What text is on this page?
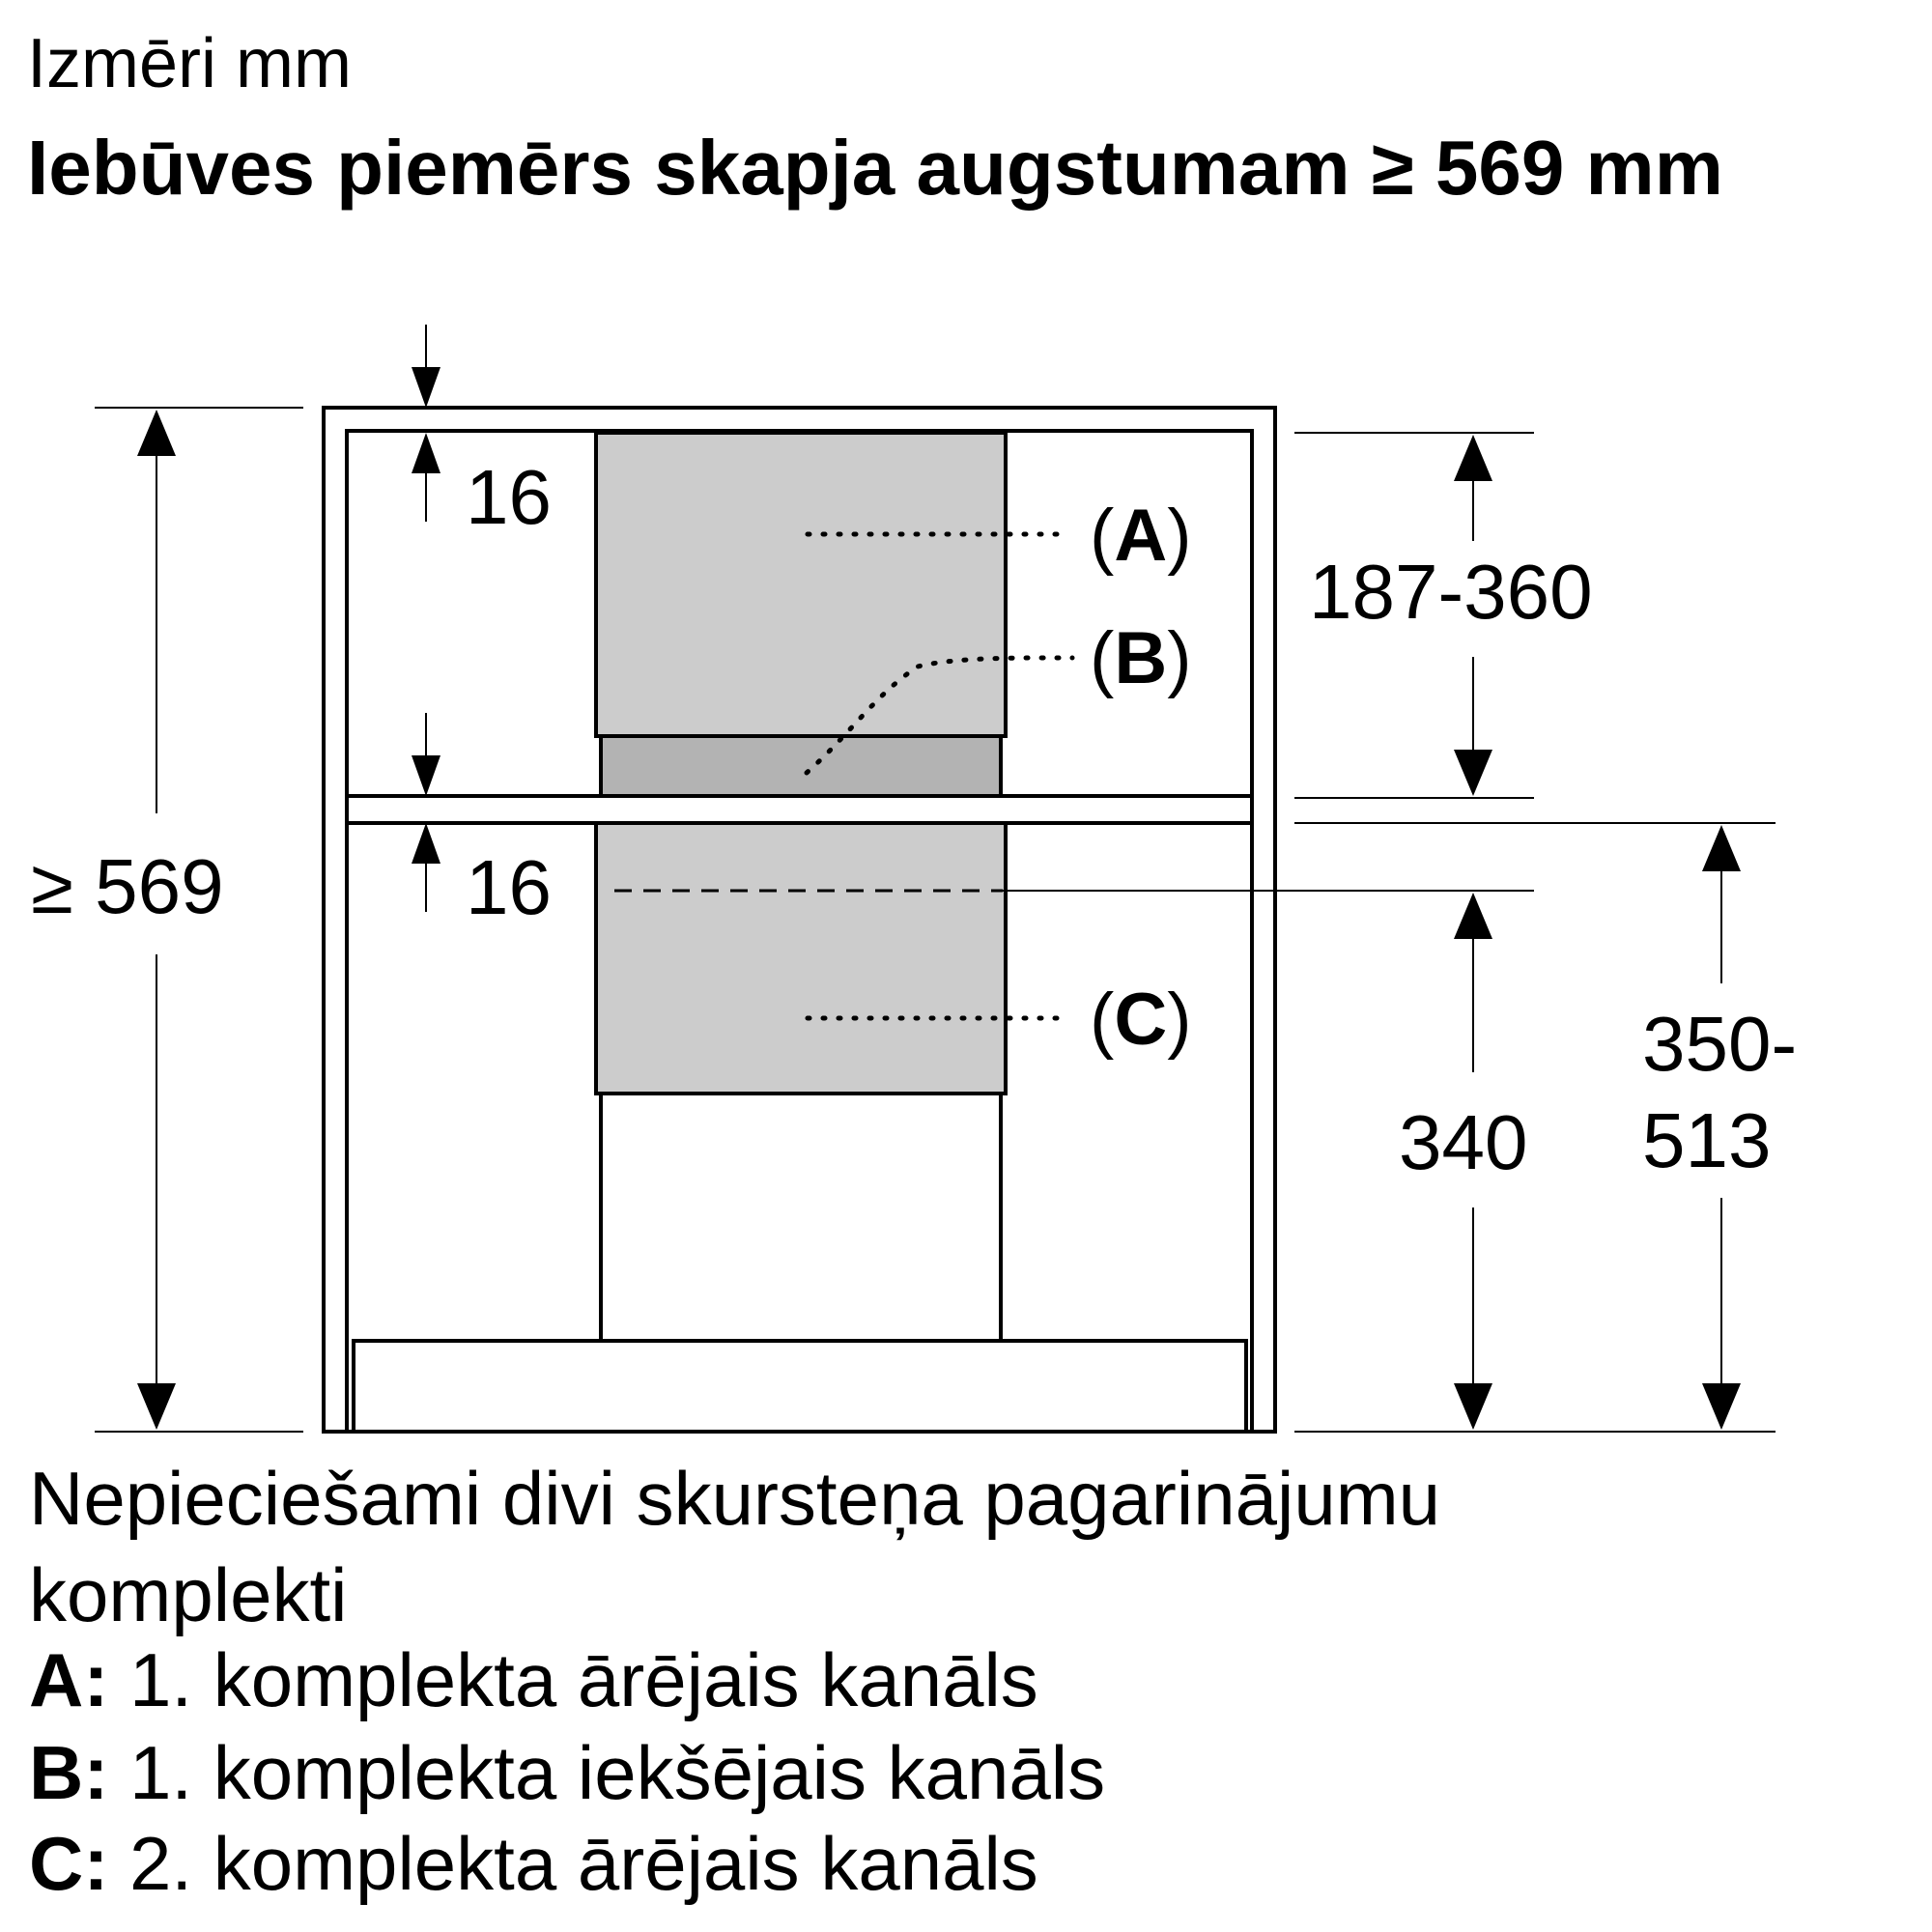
Izmēri mm
Iebūves piemērs skapja augstumam ≥ 569 mm
(A)
(B)
(C)
≥ 569
16
16
187-360
340
350-
513
Nepieciešami divi skursteņa pagarinājumu
komplekti
A: 1. komplekta ārējais kanāls
B: 1. komplekta iekšējais kanāls
C: 2. komplekta ārējais kanāls
